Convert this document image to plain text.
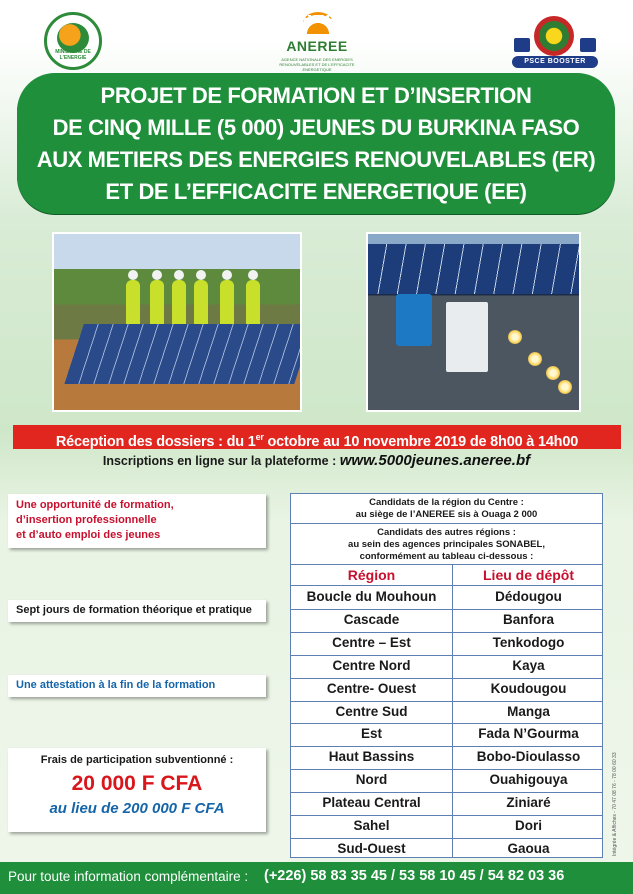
MINISTERE DE L'ENERGIE
ANEREE
AGENCE NATIONALE DES ENERGIES RENOUVELABLES ET DE L'EFFICACITE ENERGETIQUE
PSCE BOOSTER
PROJET DE FORMATION ET D’INSERTION
DE CINQ MILLE (5 000) JEUNES DU BURKINA FASO
AUX METIERS DES ENERGIES RENOUVELABLES (ER)
ET DE L’EFFICACITE ENERGETIQUE (EE)
Réception des dossiers : du 1er octobre au 10 novembre 2019 de 8h00 à 14h00
Inscriptions en ligne sur la plateforme : www.5000jeunes.aneree.bf
Une opportunité de formation,
d’insertion professionnelle
et d’auto emploi des jeunes
Sept jours de formation théorique et pratique
Une attestation à la fin de la formation
Frais de participation subventionné :
20 000 F CFA
au lieu de 200 000 F CFA
Candidats de la région du Centre :
au siège de l’ANEREE sis à Ouaga 2 000
Candidats des autres régions :
au sein des agences principales SONABEL,
conformément au tableau ci-dessous :
Région	Lieu de dépôt
Boucle du Mouhoun	Dédougou
Cascade	Banfora
Centre – Est	Tenkodogo
Centre Nord	Kaya
Centre- Ouest	Koudougou
Centre Sud	Manga
Est	Fada N’Gourma
Haut Bassins	Bobo-Dioulasso
Nord	Ouahigouya
Plateau Central	Ziniaré
Sahel	Dori
Sud-Ouest	Gaoua	Intégrée & Affiches - 70 47 08 76 - 78 00 60 33
Pour toute information complémentaire : (+226) 58 83 35 45 / 53 58 10 45 / 54 82 03 36
